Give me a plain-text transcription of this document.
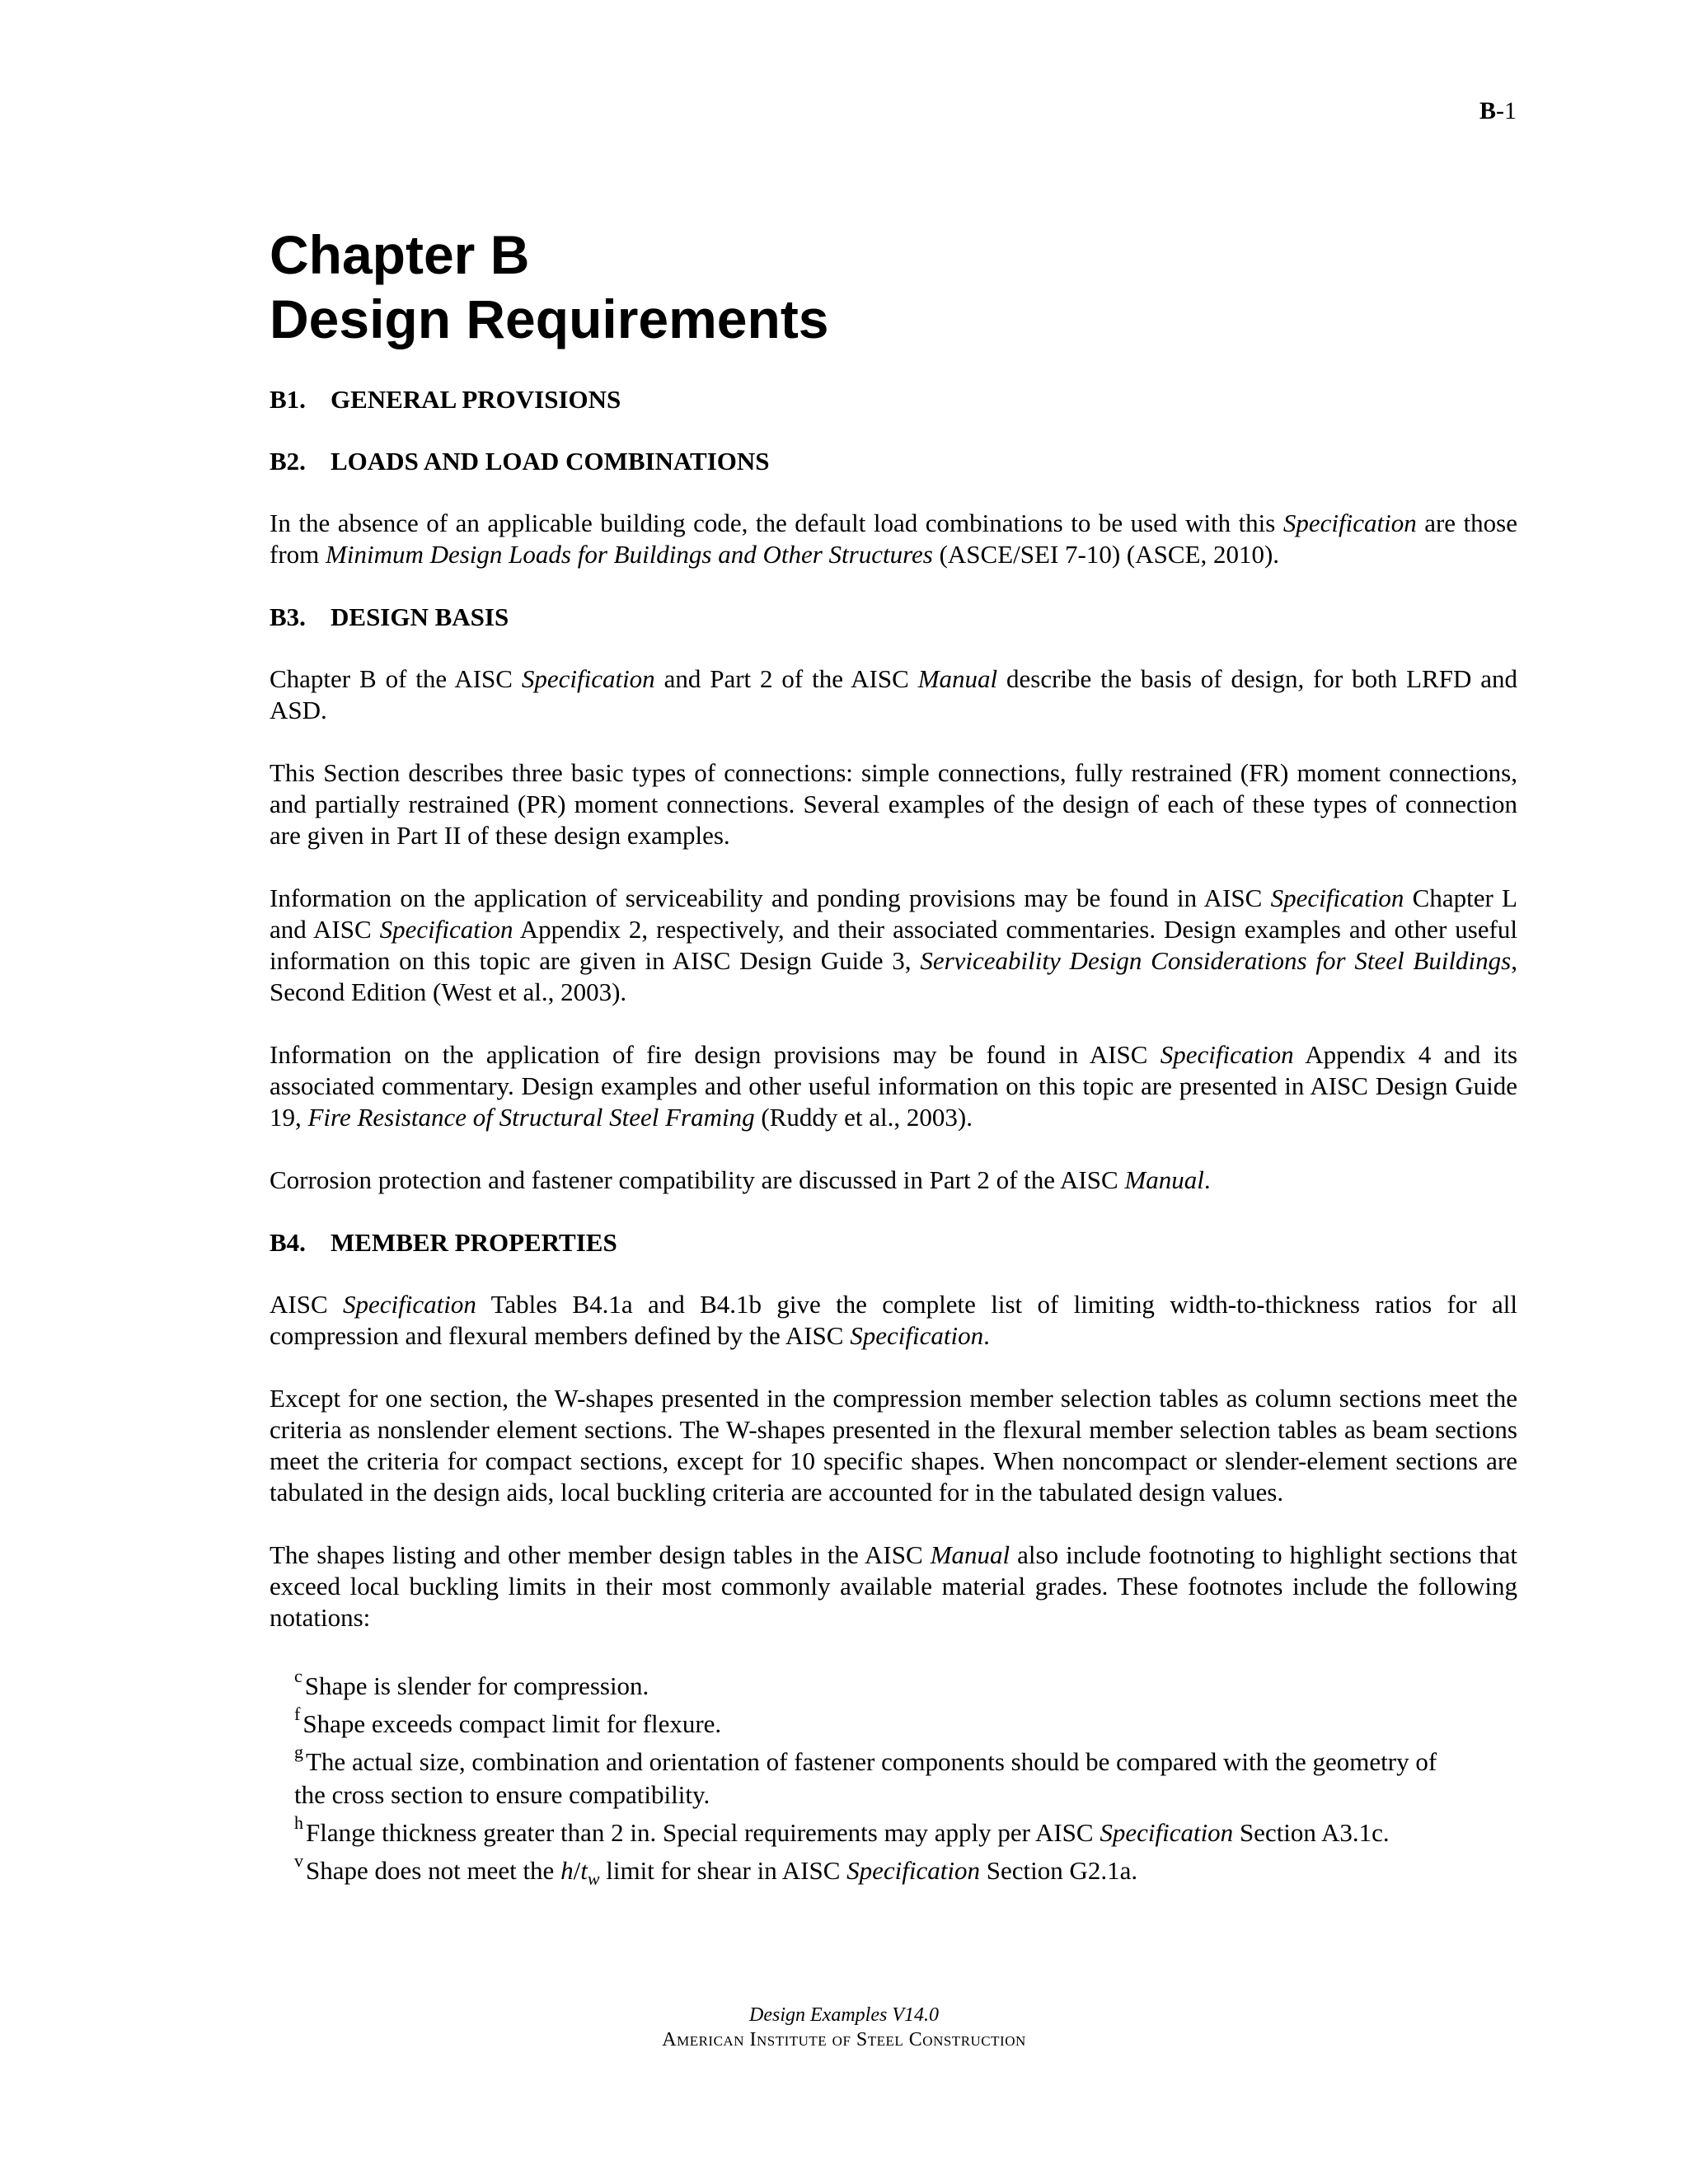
B-1
Chapter B
Design Requirements
B1. GENERAL PROVISIONS
B2. LOADS AND LOAD COMBINATIONS

In the absence of an applicable building code, the default load combinations to be used with this Specification are those from Minimum Design Loads for Buildings and Other Structures (ASCE/SEI 7-10) (ASCE, 2010).

B3. DESIGN BASIS

Chapter B of the AISC Specification and Part 2 of the AISC Manual describe the basis of design, for both LRFD and ASD.

This Section describes three basic types of connections: simple connections, fully restrained (FR) moment connections, and partially restrained (PR) moment connections. Several examples of the design of each of these types of connection are given in Part II of these design examples.

Information on the application of serviceability and ponding provisions may be found in AISC Specification Chapter L and AISC Specification Appendix 2, respectively, and their associated commentaries. Design examples and other useful information on this topic are given in AISC Design Guide 3, Serviceability Design Considerations for Steel Buildings, Second Edition (West et al., 2003).

Information on the application of fire design provisions may be found in AISC Specification Appendix 4 and its associated commentary. Design examples and other useful information on this topic are presented in AISC Design Guide 19, Fire Resistance of Structural Steel Framing (Ruddy et al., 2003).

Corrosion protection and fastener compatibility are discussed in Part 2 of the AISC Manual.

B4. MEMBER PROPERTIES

AISC Specification Tables B4.1a and B4.1b give the complete list of limiting width-to-thickness ratios for all compression and flexural members defined by the AISC Specification.

Except for one section, the W-shapes presented in the compression member selection tables as column sections meet the criteria as nonslender element sections. The W-shapes presented in the flexural member selection tables as beam sections meet the criteria for compact sections, except for 10 specific shapes. When noncompact or slender-element sections are tabulated in the design aids, local buckling criteria are accounted for in the tabulated design values.

The shapes listing and other member design tables in the AISC Manual also include footnoting to highlight sections that exceed local buckling limits in their most commonly available material grades. These footnotes include the following notations:

$^c$Shape is slender for compression.
$^f$Shape exceeds compact limit for flexure.
$^g$The actual size, combination and orientation of fastener components should be compared with the geometry of
the cross section to ensure compatibility.
$^h$Flange thickness greater than 2 in. Special requirements may apply per AISC Specification Section A3.1c.
$^v$Shape does not meet the $h/t_w$ limit for shear in AISC Specification Section G2.1a.
Design Examples V14.0
American Institute of Steel Construction
